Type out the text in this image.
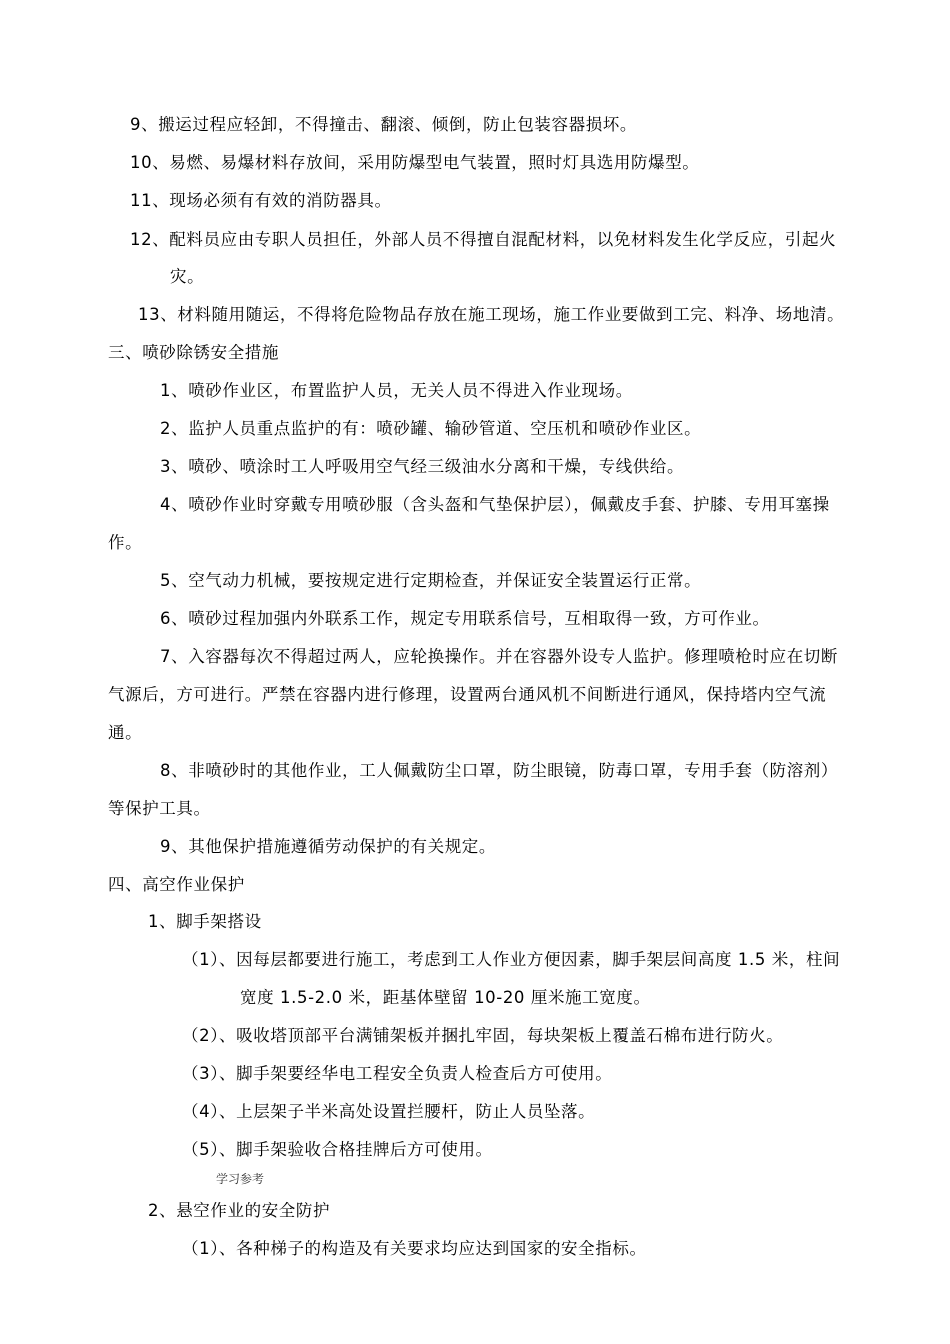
9、搬运过程应轻卸，不得撞击、翻滚、倾倒，防止包装容器损坏。
10、易燃、易爆材料存放间，采用防爆型电气装置，照时灯具选用防爆型。
11、现场必须有有效的消防器具。
12、配料员应由专职人员担任，外部人员不得擅自混配材料，以免材料发生化学反应，引起火
灾。
13、材料随用随运，不得将危险物品存放在施工现场，施工作业要做到工完、料净、场地清。
三、喷砂除锈安全措施
1、喷砂作业区，布置监护人员，无关人员不得进入作业现场。
2、监护人员重点监护的有：喷砂罐、输砂管道、空压机和喷砂作业区。
3、喷砂、喷涂时工人呼吸用空气经三级油水分离和干燥，专线供给。
4、喷砂作业时穿戴专用喷砂服（含头盔和气垫保护层），佩戴皮手套、护膝、专用耳塞操
作。
5、空气动力机械，要按规定进行定期检查，并保证安全装置运行正常。
6、喷砂过程加强内外联系工作，规定专用联系信号，互相取得一致，方可作业。
7、入容器每次不得超过两人，应轮换操作。并在容器外设专人监护。修理喷枪时应在切断
气源后，方可进行。严禁在容器内进行修理，设置两台通风机不间断进行通风，保持塔内空气流
通。
8、非喷砂时的其他作业，工人佩戴防尘口罩，防尘眼镜，防毒口罩，专用手套（防溶剂）
等保护工具。
9、其他保护措施遵循劳动保护的有关规定。
四、高空作业保护
1、脚手架搭设
（1）、因每层都要进行施工，考虑到工人作业方便因素，脚手架层间高度 1.5 米，柱间
宽度 1.5-2.0 米，距基体壁留 10-20 厘米施工宽度。
（2）、吸收塔顶部平台满铺架板并捆扎牢固，每块架板上覆盖石棉布进行防火。
（3）、脚手架要经华电工程安全负责人检查后方可使用。
（4）、上层架子半米高处设置拦腰杆，防止人员坠落。
（5）、脚手架验收合格挂牌后方可使用。
学习参考
2、悬空作业的安全防护
（1）、各种梯子的构造及有关要求均应达到国家的安全指标。
